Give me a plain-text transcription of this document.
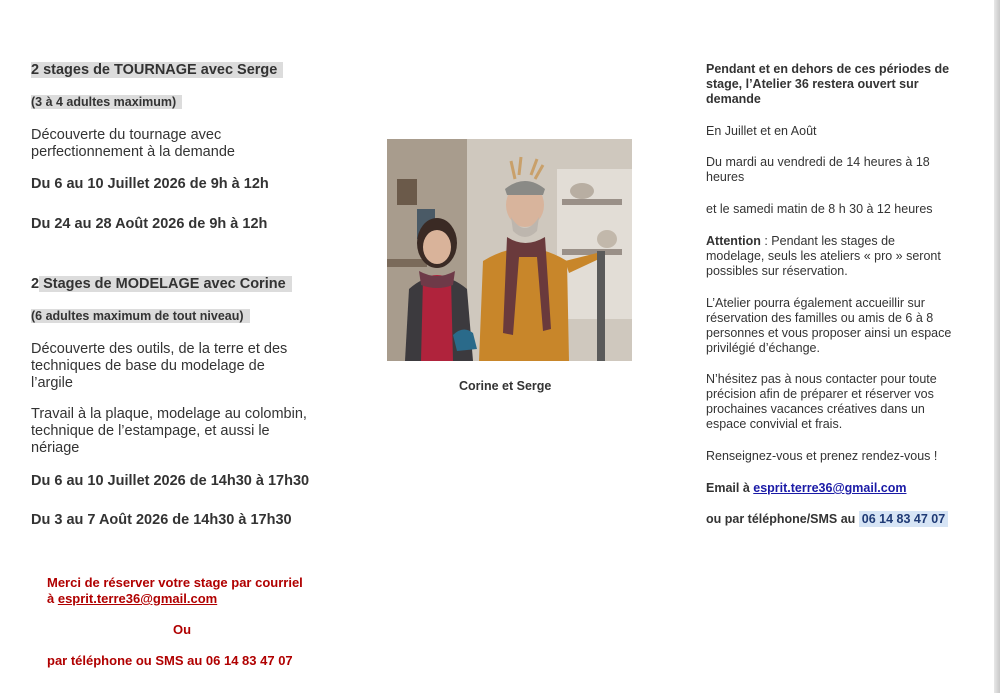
2 stages de TOURNAGE avec Serge
(3 à 4 adultes maximum)
Découverte du tournage avec
perfectionnement à la demande
Du 6 au 10 Juillet 2026 de 9h à 12h
Du 24 au 28 Août 2026 de 9h à 12h
2 Stages de MODELAGE avec Corine
(6 adultes maximum de tout niveau)
Découverte des outils, de la terre et des
techniques de base du modelage de
l’argile
Travail à la plaque, modelage au colombin,
technique de l’estampage, et aussi le
nériage
Du 6 au 10 Juillet 2026 de 14h30 à 17h30
Du 3 au 7 Août 2026 de 14h30 à 17h30
Merci de réserver votre stage par courriel
à esprit.terre36@gmail.com
Ou
par téléphone ou SMS au 06 14 83 47 07
Corine et Serge
Pendant et en dehors de ces périodes de
stage, l’Atelier 36 restera ouvert sur
demande
En Juillet et en Août
Du mardi au vendredi de 14 heures à 18
heures
et le samedi matin de 8 h 30 à 12 heures
Attention : Pendant les stages de
modelage, seuls les ateliers « pro » seront
possibles sur réservation.
L’Atelier pourra également accueillir sur
réservation des familles ou amis de 6 à 8
personnes et vous proposer ainsi un espace
privilégié d’échange.
N’hésitez pas à nous contacter pour toute
précision afin de préparer et réserver vos
prochaines vacances créatives dans un
espace convivial et frais.
Renseignez-vous et prenez rendez-vous !
Email à esprit.terre36@gmail.com
ou par téléphone/SMS au 06 14 83 47 07
